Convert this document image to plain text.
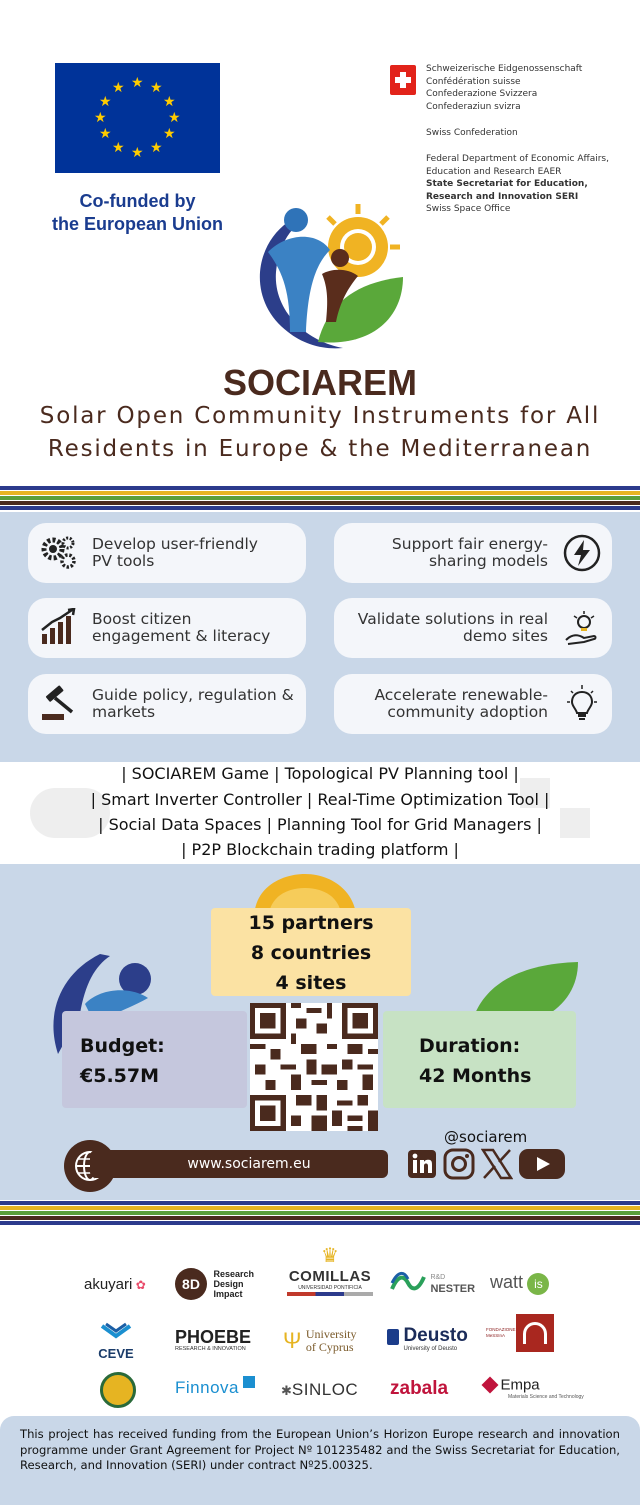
★ ★
★
★
★
★
★
★
★
★
★
★
Co-funded by
the European Union
Schweizerische Eidgenossenschaft
Confédération suisse
Confederazione Svizzera
Confederaziun svizra
Swiss Confederation
Federal Department of Economic Affairs,
Education and Research EAER
State Secretariat for Education,
Research and Innovation SERI
Swiss Space Office
SOCIAREM
Solar Open Community Instruments for All
Residents in Europe & the Mediterranean
Develop user-friendly
PV tools
Support fair energy-
sharing models
Boost citizen
engagement & literacy
Validate solutions in real
demo sites
Guide policy, regulation &
markets
Accelerate renewable-
community adoption
| SOCIAREM Game | Topological PV Planning tool |
| Smart Inverter Controller | Real-Time Optimization Tool |
| Social Data Spaces | Planning Tool for Grid Managers |
| P2P Blockchain trading platform |
15 partners
8 countries
4 sites
Budget:
€5.57M
Duration:
42 Months
www.sociarem.eu
@sociarem
akuyari ✿	8D Research
Design
Impact
♛
COMILLAS
UNIVERSIDAD PONTIFICIA
R&D
NESTER watt is
CEVE
PHOEBE
RESEARCH & INNOVATION Ψ University
of Cyprus

Deusto
University of Deusto
FONDAZIONE MeSSInA
Finnova	✱SINLOC zabala	Empa
Materials Science and Technology
This project has received funding from the European Union’s Horizon Europe research and innovation programme under Grant Agreement for Project Nº 101235482 and the Swiss Secretariat for Education, Research, and Innovation (SERI) under contract Nº25.00325.
